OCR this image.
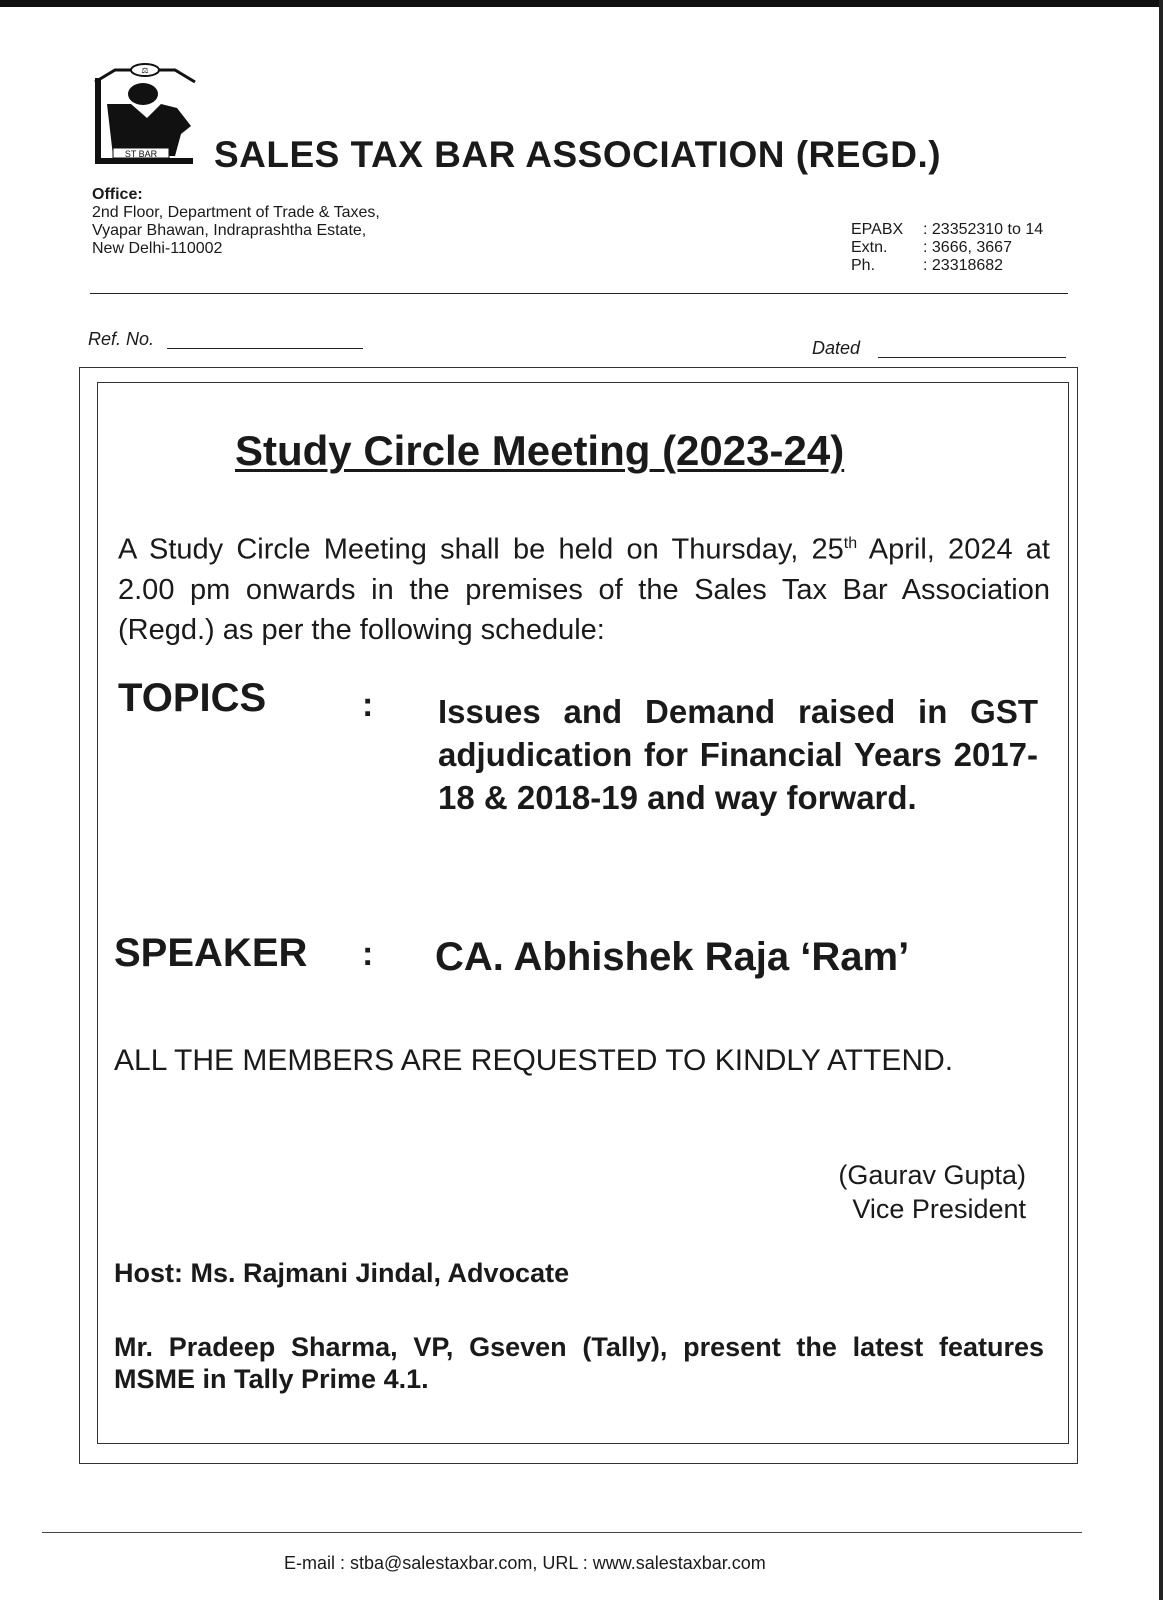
⚖
ST BAR SALES TAX BAR ASSOCIATION (REGD.)
Office:
2nd Floor, Department of Trade & Taxes,
Vyapar Bhawan, Indraprashtha Estate,
New Delhi-110002
EPABX	: 23352310 to 14
Extn.	: 3666, 3667
Ph.	: 23318682
Ref. No.	Dated
Study Circle Meeting (2023-24)
A Study Circle Meeting shall be held on Thursday, 25th April, 2024 at 2.00 pm onwards in the premises of the Sales Tax Bar Association (Regd.) as per the following schedule:
TOPICS	: Issues and Demand raised in GST adjudication for Financial Years 2017-18 & 2018-19 and way forward.
SPEAKER : CA. Abhishek Raja ‘Ram’
ALL THE MEMBERS ARE REQUESTED TO KINDLY ATTEND.
(Gaurav Gupta)
Vice President
Host: Ms. Rajmani Jindal, Advocate
Mr. Pradeep Sharma, VP, Gseven (Tally), present the latest features MSME in Tally Prime 4.1.
E-mail : stba@salestaxbar.com, URL : www.salestaxbar.com
